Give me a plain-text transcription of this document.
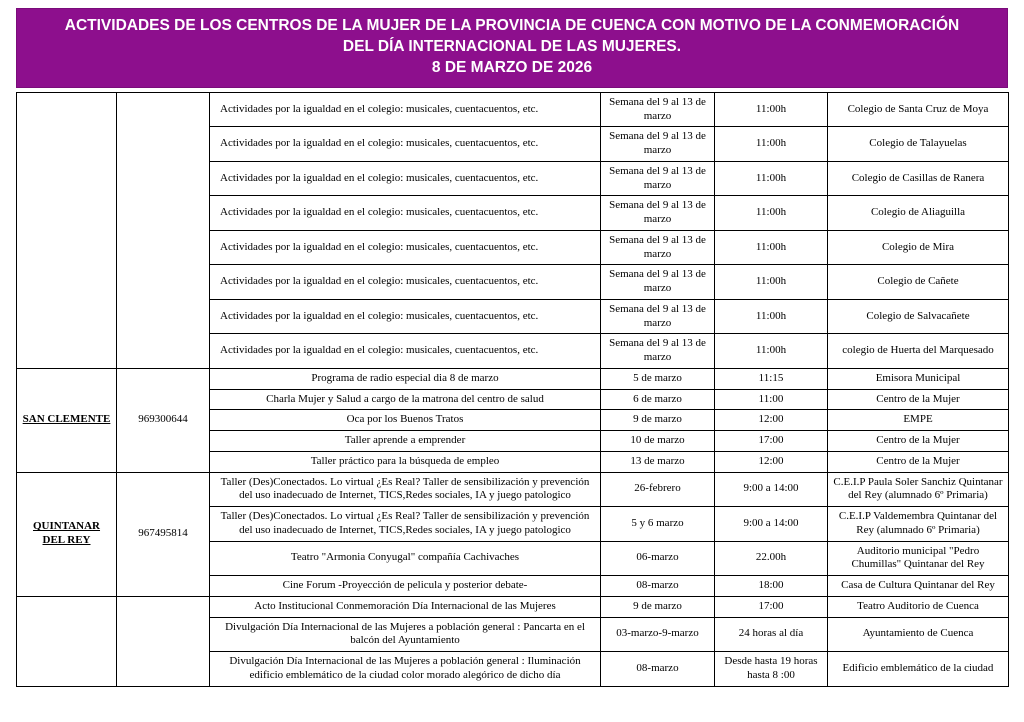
ACTIVIDADES DE LOS CENTROS DE LA MUJER DE LA PROVINCIA DE CUENCA CON MOTIVO DE LA CONMEMORACIÓN
DEL DÍA INTERNACIONAL DE LAS MUJERES.
8 DE MARZO DE 2026
		Actividades por la igualdad en el colegio: musicales, cuentacuentos, etc.	Semana del 9 al 13 de marzo	11:00h	Colegio de Santa Cruz de Moya
		Actividades por la igualdad en el colegio: musicales, cuentacuentos, etc.	Semana del 9 al 13 de marzo	11:00h	Colegio de Talayuelas
		Actividades por la igualdad en el colegio: musicales, cuentacuentos, etc.	Semana del 9 al 13 de marzo	11:00h	Colegio de Casillas de Ranera
		Actividades por la igualdad en el colegio: musicales, cuentacuentos, etc.	Semana del 9 al 13 de marzo	11:00h	Colegio de Aliaguilla
		Actividades por la igualdad en el colegio: musicales, cuentacuentos, etc.	Semana del 9 al 13 de marzo	11:00h	Colegio de Mira
		Actividades por la igualdad en el colegio: musicales, cuentacuentos, etc.	Semana del 9 al 13 de marzo	11:00h	Colegio de Cañete
		Actividades por la igualdad en el colegio: musicales, cuentacuentos, etc.	Semana del 9 al 13 de marzo	11:00h	Colegio de Salvacañete
		Actividades por la igualdad en el colegio: musicales, cuentacuentos, etc.	Semana del 9 al 13 de marzo	11:00h	colegio de Huerta del Marquesado
SAN CLEMENTE	969300644	Programa de radio especial dia 8 de marzo	5 de marzo	11:15	Emisora Municipal
		Charla Mujer y Salud a cargo de la matrona del centro de salud	6 de marzo	11:00	Centro de la Mujer
		Oca por los Buenos Tratos	9 de marzo	12:00	EMPE
		Taller aprende a emprender	10 de marzo	17:00	Centro de la Mujer
		Taller práctico para la búsqueda de empleo	13 de marzo	12:00	Centro de la Mujer
QUINTANAR DEL REY	967495814	Taller (Des)Conectados. Lo virtual ¿Es Real? Taller de sensibilización y prevención del uso inadecuado de Internet, TICS,Redes sociales, IA y juego patologico	26-febrero	9:00 a 14:00	C.E.I.P Paula Soler Sanchiz Quintanar del Rey (alumnado 6º Primaria)
		Taller (Des)Conectados. Lo virtual ¿Es Real? Taller de sensibilización y prevención del uso inadecuado de Internet, TICS,Redes sociales, IA y juego patologico	5 y 6 marzo	9:00 a 14:00	C.E.I.P Valdemembra Quintanar del Rey (alumnado 6º Primaria)
		Teatro "Armonia Conyugal" compañía Cachivaches	06-marzo	22.00h	Auditorio municipal "Pedro Chumillas" Quintanar del Rey
		Cine Forum -Proyección de pelicula y posterior debate-	08-marzo	18:00	Casa de Cultura Quintanar del Rey
		Acto Institucional Conmemoración Día Internacional de las Mujeres	9 de marzo	17:00	Teatro Auditorio de Cuenca
		Divulgación Día Internacional de las Mujeres a población general : Pancarta en el balcón del Ayuntamiento	03-marzo-9-marzo	24 horas al día	Ayuntamiento de Cuenca
		Divulgación Día Internacional de las Mujeres a población general : Iluminación edificio emblemático de la ciudad color morado alegórico de dicho día	08-marzo	Desde hasta 19 horas hasta 8 :00	Edificio emblemático de la ciudad
